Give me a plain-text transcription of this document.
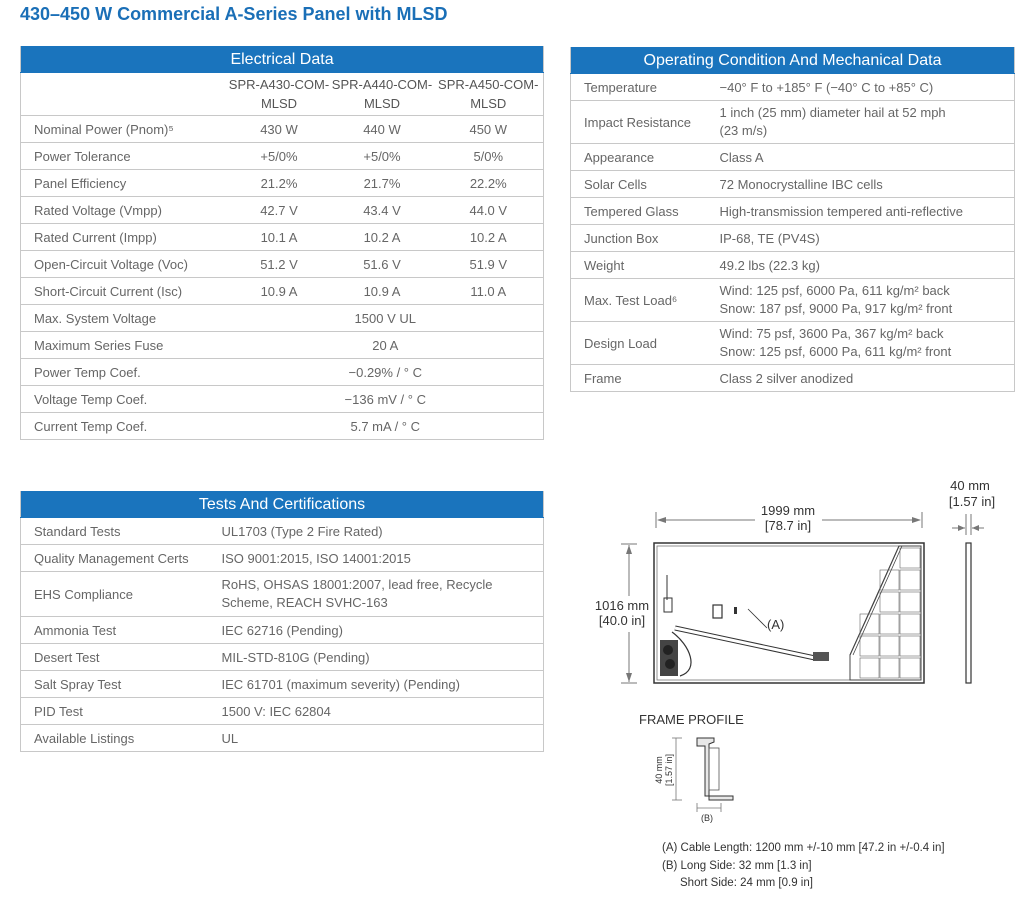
430–450 W Commercial A-Series Panel with MLSD
Electrical Data			
	SPR-A430-COM-MLSD	SPR-A440-COM-MLSD	SPR-A450-COM-MLSD
Nominal Power (Pnom)⁵	430 W	440 W	450 W
Power Tolerance	+5/0%	+5/0%	5/0%
Panel Efficiency	21.2%	21.7%	22.2%
Rated Voltage (Vmpp)	42.7 V	43.4 V	44.0 V
Rated Current (Impp)	10.1 A	10.2 A	10.2 A
Open-Circuit Voltage (Voc)	51.2 V	51.6 V	51.9 V
Short-Circuit Current (Isc)	10.9 A	10.9 A	11.0 A
Max. System Voltage	1500 V UL		
Maximum Series Fuse	20 A		
Power Temp Coef.	−0.29% / ° C		
Voltage Temp Coef.	−136 mV / ° C		
Current Temp Coef.	5.7 mA / ° C		
Operating Condition And Mechanical Data	
Temperature	−40° F to +185° F (−40° C to +85° C)
Impact Resistance	1 inch (25 mm) diameter hail at 52 mph
(23 m/s)

Appearance	Class A
Solar Cells	72 Monocrystalline IBC cells
Tempered Glass	High-transmission tempered anti-reflective
Junction Box	IP-68, TE (PV4S)
Weight	49.2 lbs (22.3 kg)
Max. Test Load⁶	Wind: 125 psf, 6000 Pa, 611 kg/m² back
Snow: 187 psf, 9000 Pa, 917 kg/m² front

Design Load	Wind: 75 psf, 3600 Pa, 367 kg/m² back
Snow: 125 psf, 6000 Pa, 611 kg/m² front

Frame	Class 2 silver anodized
Tests And Certifications	
Standard Tests	UL1703 (Type 2 Fire Rated)
Quality Management Certs	ISO 9001:2015, ISO 14001:2015
EHS Compliance	RoHS, OHSAS 18001:2007, lead free, Recycle
Scheme, REACH SVHC-163

Ammonia Test	IEC 62716 (Pending)
Desert Test	MIL-STD-810G (Pending)
Salt Spray Test	IEC 61701 (maximum severity) (Pending)
PID Test	1500 V: IEC 62804
Available Listings	UL
1999 mm
[78.7 in]
1016 mm
[40.0 in]	(A)
40 mm
[1.57 in]
40 mm [1.57 in]
(B)
FRAME PROFILE
(A) Cable Length: 1200 mm +/-10 mm [47.2 in +/-0.4 in]
(B) Long Side: 32 mm [1.3 in]
Short Side: 24 mm [0.9 in]
